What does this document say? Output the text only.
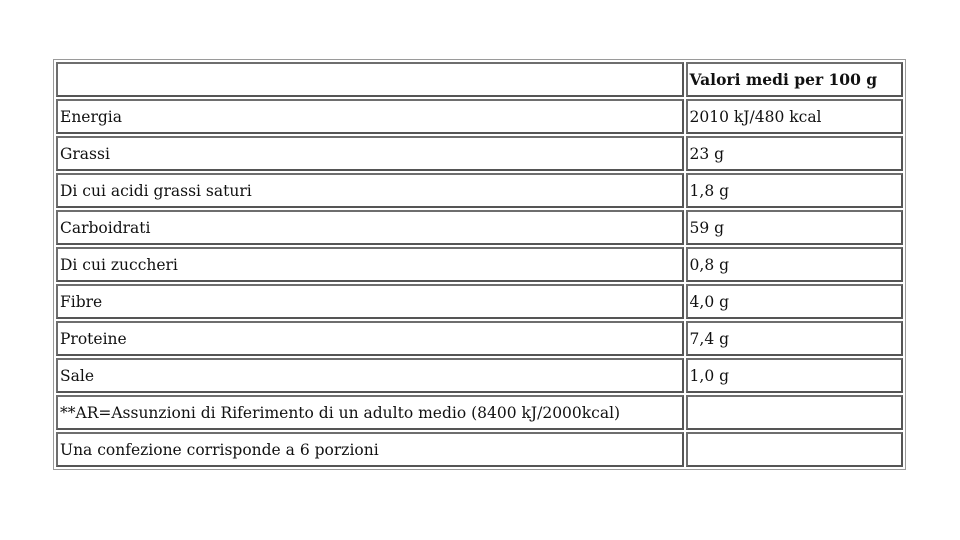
	Valori medi per 100 g
Energia	2010 kJ/480 kcal
Grassi	23 g
Di cui acidi grassi saturi	1,8 g
Carboidrati	59 g
Di cui zuccheri	0,8 g
Fibre	4,0 g
Proteine	7,4 g
Sale	1,0 g
**AR=Assunzioni di Riferimento di un adulto medio (8400 kJ/2000kcal)	
Una confezione corrisponde a 6 porzioni	
